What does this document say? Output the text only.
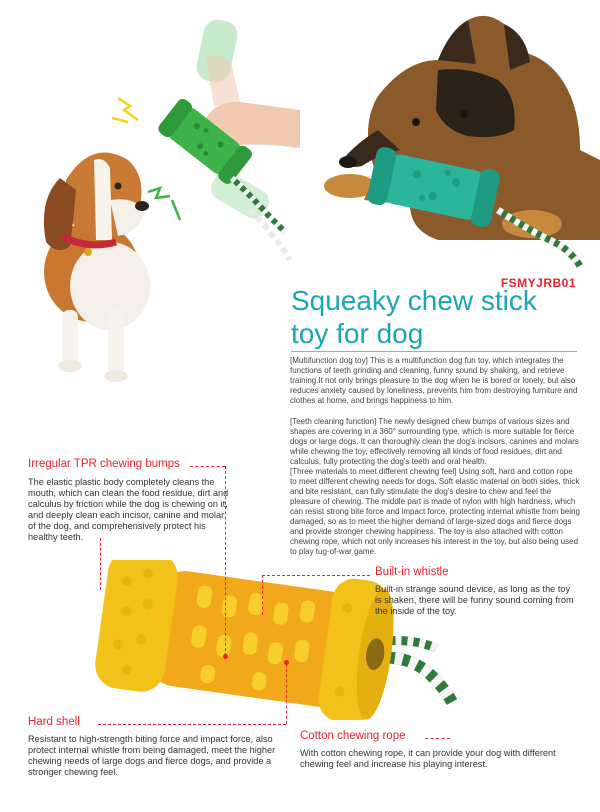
FSMYJRB01
Squeaky chew stick
toy for dog

[Multifunction dog toy] This is a multifunction dog fun toy, which integrates the functions of teeth grinding and cleaning, funny sound by shaking, and retrieve training.It not only brings pleasure to the dog when he is bored or lonely, but also reduces anxiety caused by loneliness, prevents him from destroying furniture and clothes at home, and brings happiness to him.

[Teeth cleaning function] The newly designed chew bumps of various sizes and shapes are covering in a 360° surrounding type, which is more suitable for fierce dogs or large dogs. It can thoroughly clean the dog's incisors, canines and molars while chewing the toy, effectively removing all kinds of food residues, dirt and calculus, fully protecting the dog's teeth and oral health.

[Three materials to meet different chewing feel] Using soft, hard and cotton rope to meet different chewing needs for dogs. Soft elastic material on both sides, thick and bite resistant, can fully stimulate the dog's desire to chew and feel the pleasure of chewing. The middle part is made of nylon with high hardness, which can resist strong bite force and impact force, protecting internal whistle from being damaged, so as to meet the higher demand of large-sized dogs and fierce dogs and provide stronger chewing happiness. The toy is also attached with cotton chewing rope, which not only increases his interest in the toy, but also being used to play tug-of-war game.

Irregular TPR chewing bumps

The elastic plastic body completely cleans the mouth, which can clean the food residue, dirt and calculus by friction while the dog is chewing on it, and deeply clean each incisor, canine and molar of the dog, and comprehensively protect his healthy teeth.

Built-in whistle

Built-in strange sound device, as long as the toy is shaken, there will be funny sound coming from the inside of the toy.

Hard shell

Resistant to high-strength biting force and impact force, also protect internal whistle from being damaged, meet the higher chewing needs of large dogs and fierce dogs, and provide a stronger chewing feel.

Cotton chewing rope

With cotton chewing rope, it can provide your dog with different chewing feel and increase his playing interest.
